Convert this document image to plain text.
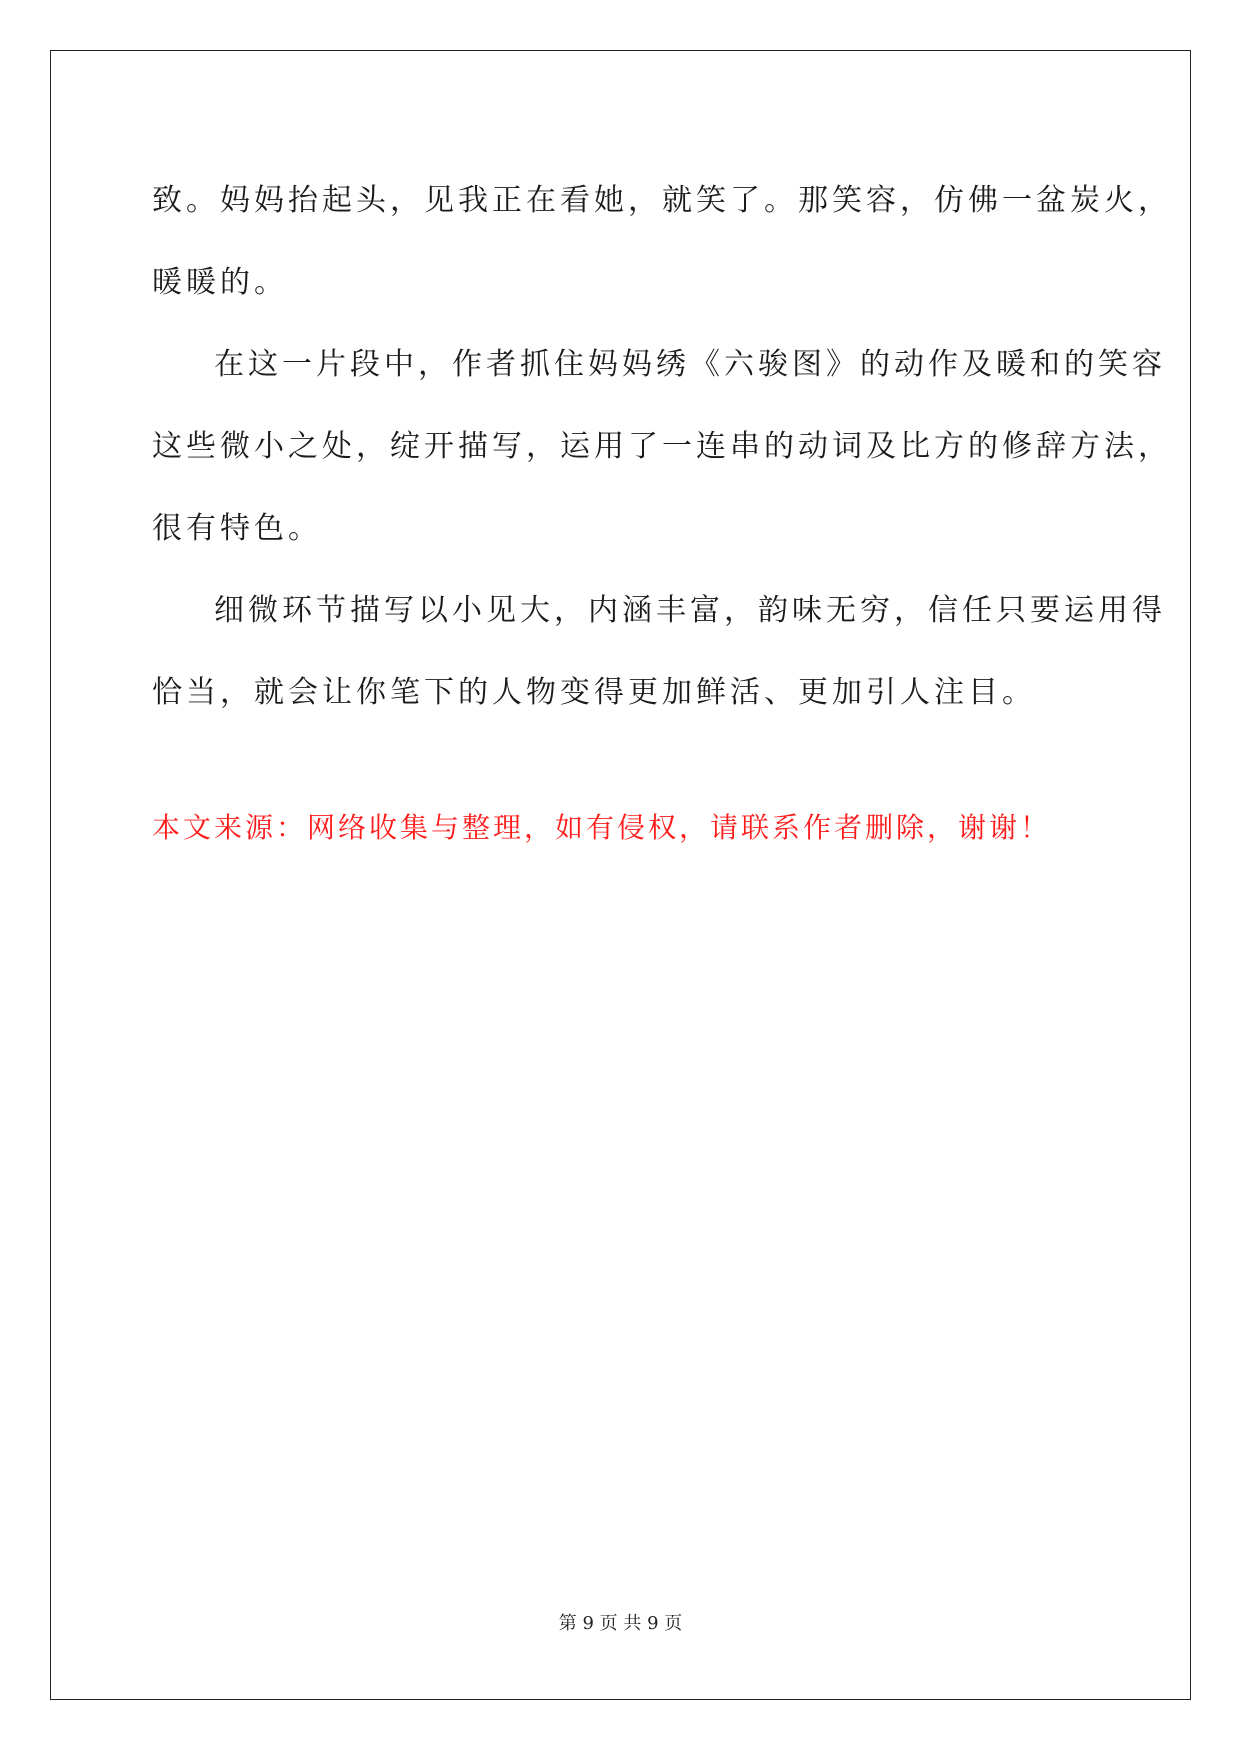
致。妈妈抬起头，见我正在看她，就笑了。那笑容，仿佛一盆炭火，
暖暖的。
在这一片段中，作者抓住妈妈绣《六骏图》的动作及暖和的笑容
这些微小之处，绽开描写，运用了一连串的动词及比方的修辞方法，
很有特色。
细微环节描写以小见大，内涵丰富，韵味无穷，信任只要运用得
恰当，就会让你笔下的人物变得更加鲜活、更加引人注目。
本文来源：网络收集与整理，如有侵权，请联系作者删除，谢谢！
第 9 页 共 9 页
